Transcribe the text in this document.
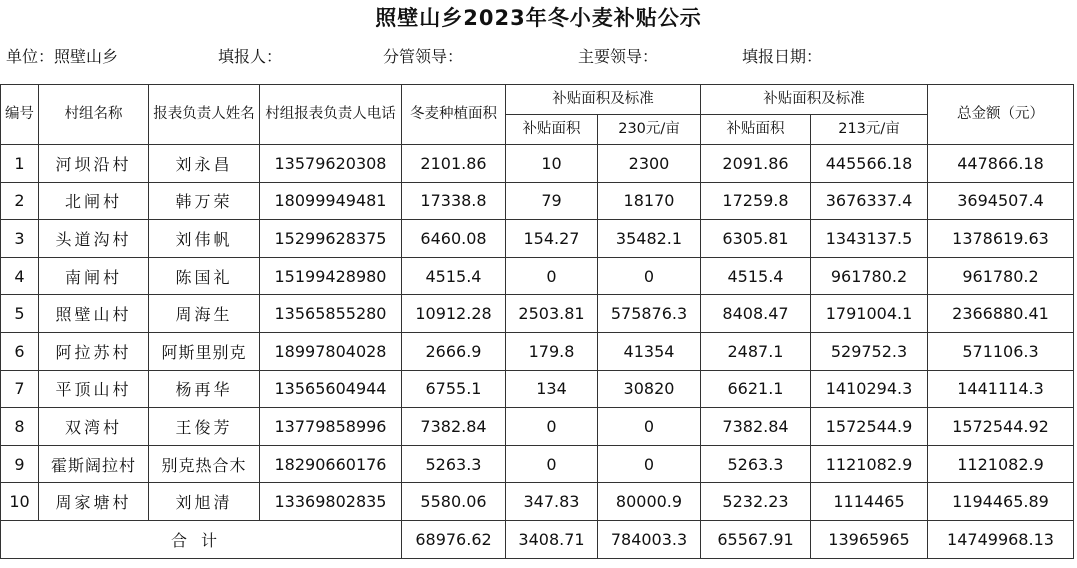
照壁山乡2023年冬小麦补贴公示
单位：照壁山乡	填报人：	分管领导：	主要领导：	填报日期：
编号	村组名称	报表负责人姓名	村组报表负责人电话	冬麦种植面积	补贴面积及标准		补贴面积及标准		总金额（元）
					补贴面积	230元/亩	补贴面积	213元/亩	
1	河坝沿村	刘永昌	13579620308	2101.86	10	2300	2091.86	445566.18	447866.18
2	北闸村	韩万荣	18099949481	17338.8	79	18170	17259.8	3676337.4	3694507.4
3	头道沟村	刘伟帆	15299628375	6460.08	154.27	35482.1	6305.81	1343137.5	1378619.63
4	南闸村	陈国礼	15199428980	4515.4	0	0	4515.4	961780.2	961780.2
5	照壁山村	周海生	13565855280	10912.28	2503.81	575876.3	8408.47	1791004.1	2366880.41
6	阿拉苏村	阿斯里别克	18997804028	2666.9	179.8	41354	2487.1	529752.3	571106.3
7	平顶山村	杨再华	13565604944	6755.1	134	30820	6621.1	1410294.3	1441114.3
8	双湾村	王俊芳	13779858996	7382.84	0	0	7382.84	1572544.9	1572544.92
9	霍斯阔拉村	别克热合木	18290660176	5263.3	0	0	5263.3	1121082.9	1121082.9
10	周家塘村	刘旭清	13369802835	5580.06	347.83	80000.9	5232.23	1114465	1194465.89
合计				68976.62	3408.71	784003.3	65567.91	13965965	14749968.13
